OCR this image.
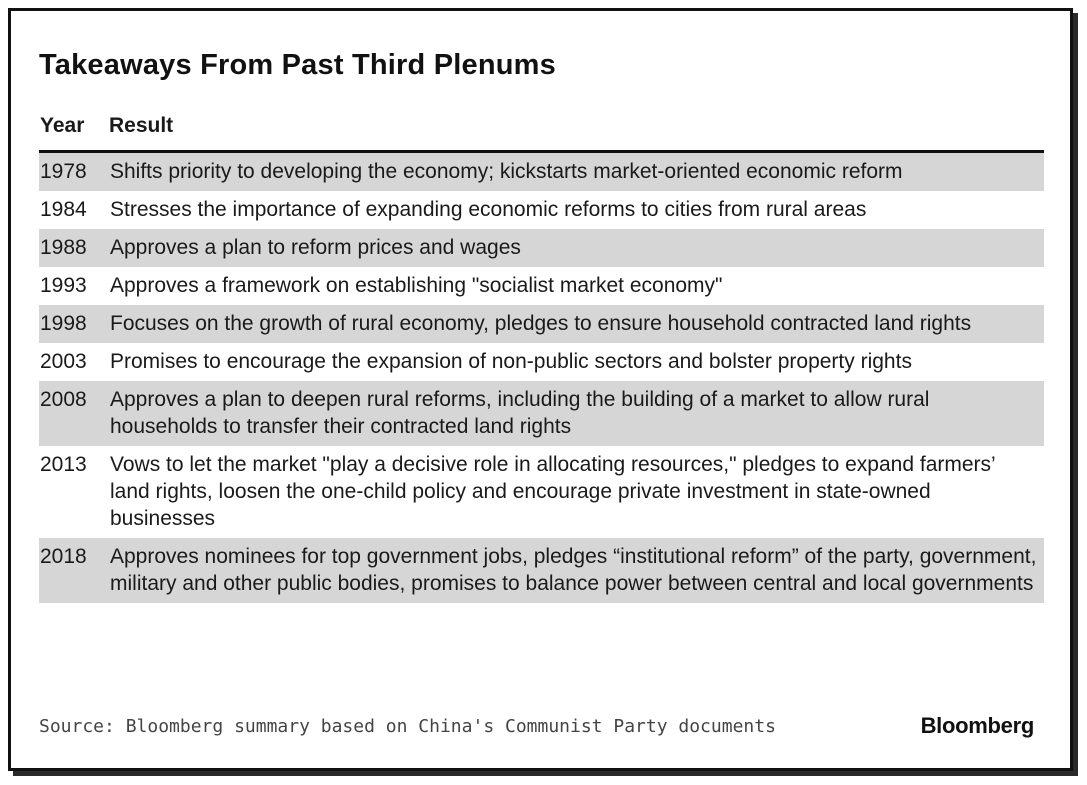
Takeaways From Past Third Plenums
Year Result
1978	Shifts priority to developing the economy; kickstarts market-oriented economic reform
1984	Stresses the importance of expanding economic reforms to cities from rural areas
1988	Approves a plan to reform prices and wages
1993	Approves a framework on establishing "socialist market economy"
1998	Focuses on the growth of rural economy, pledges to ensure household contracted land rights
2003	Promises to encourage the expansion of non-public sectors and bolster property rights
2008	Approves a plan to deepen rural reforms, including the building of a market to allow rural households to transfer their contracted land rights
2013	Vows to let the market "play a decisive role in allocating resources," pledges to expand farmers’ land rights, loosen the one-child policy and encourage private investment in state-owned businesses
2018	Approves nominees for top government jobs, pledges “institutional reform” of the party, government, military and other public bodies, promises to balance power between central and local governments
Source: Bloomberg summary based on China's Communist Party documents	Bloomberg
